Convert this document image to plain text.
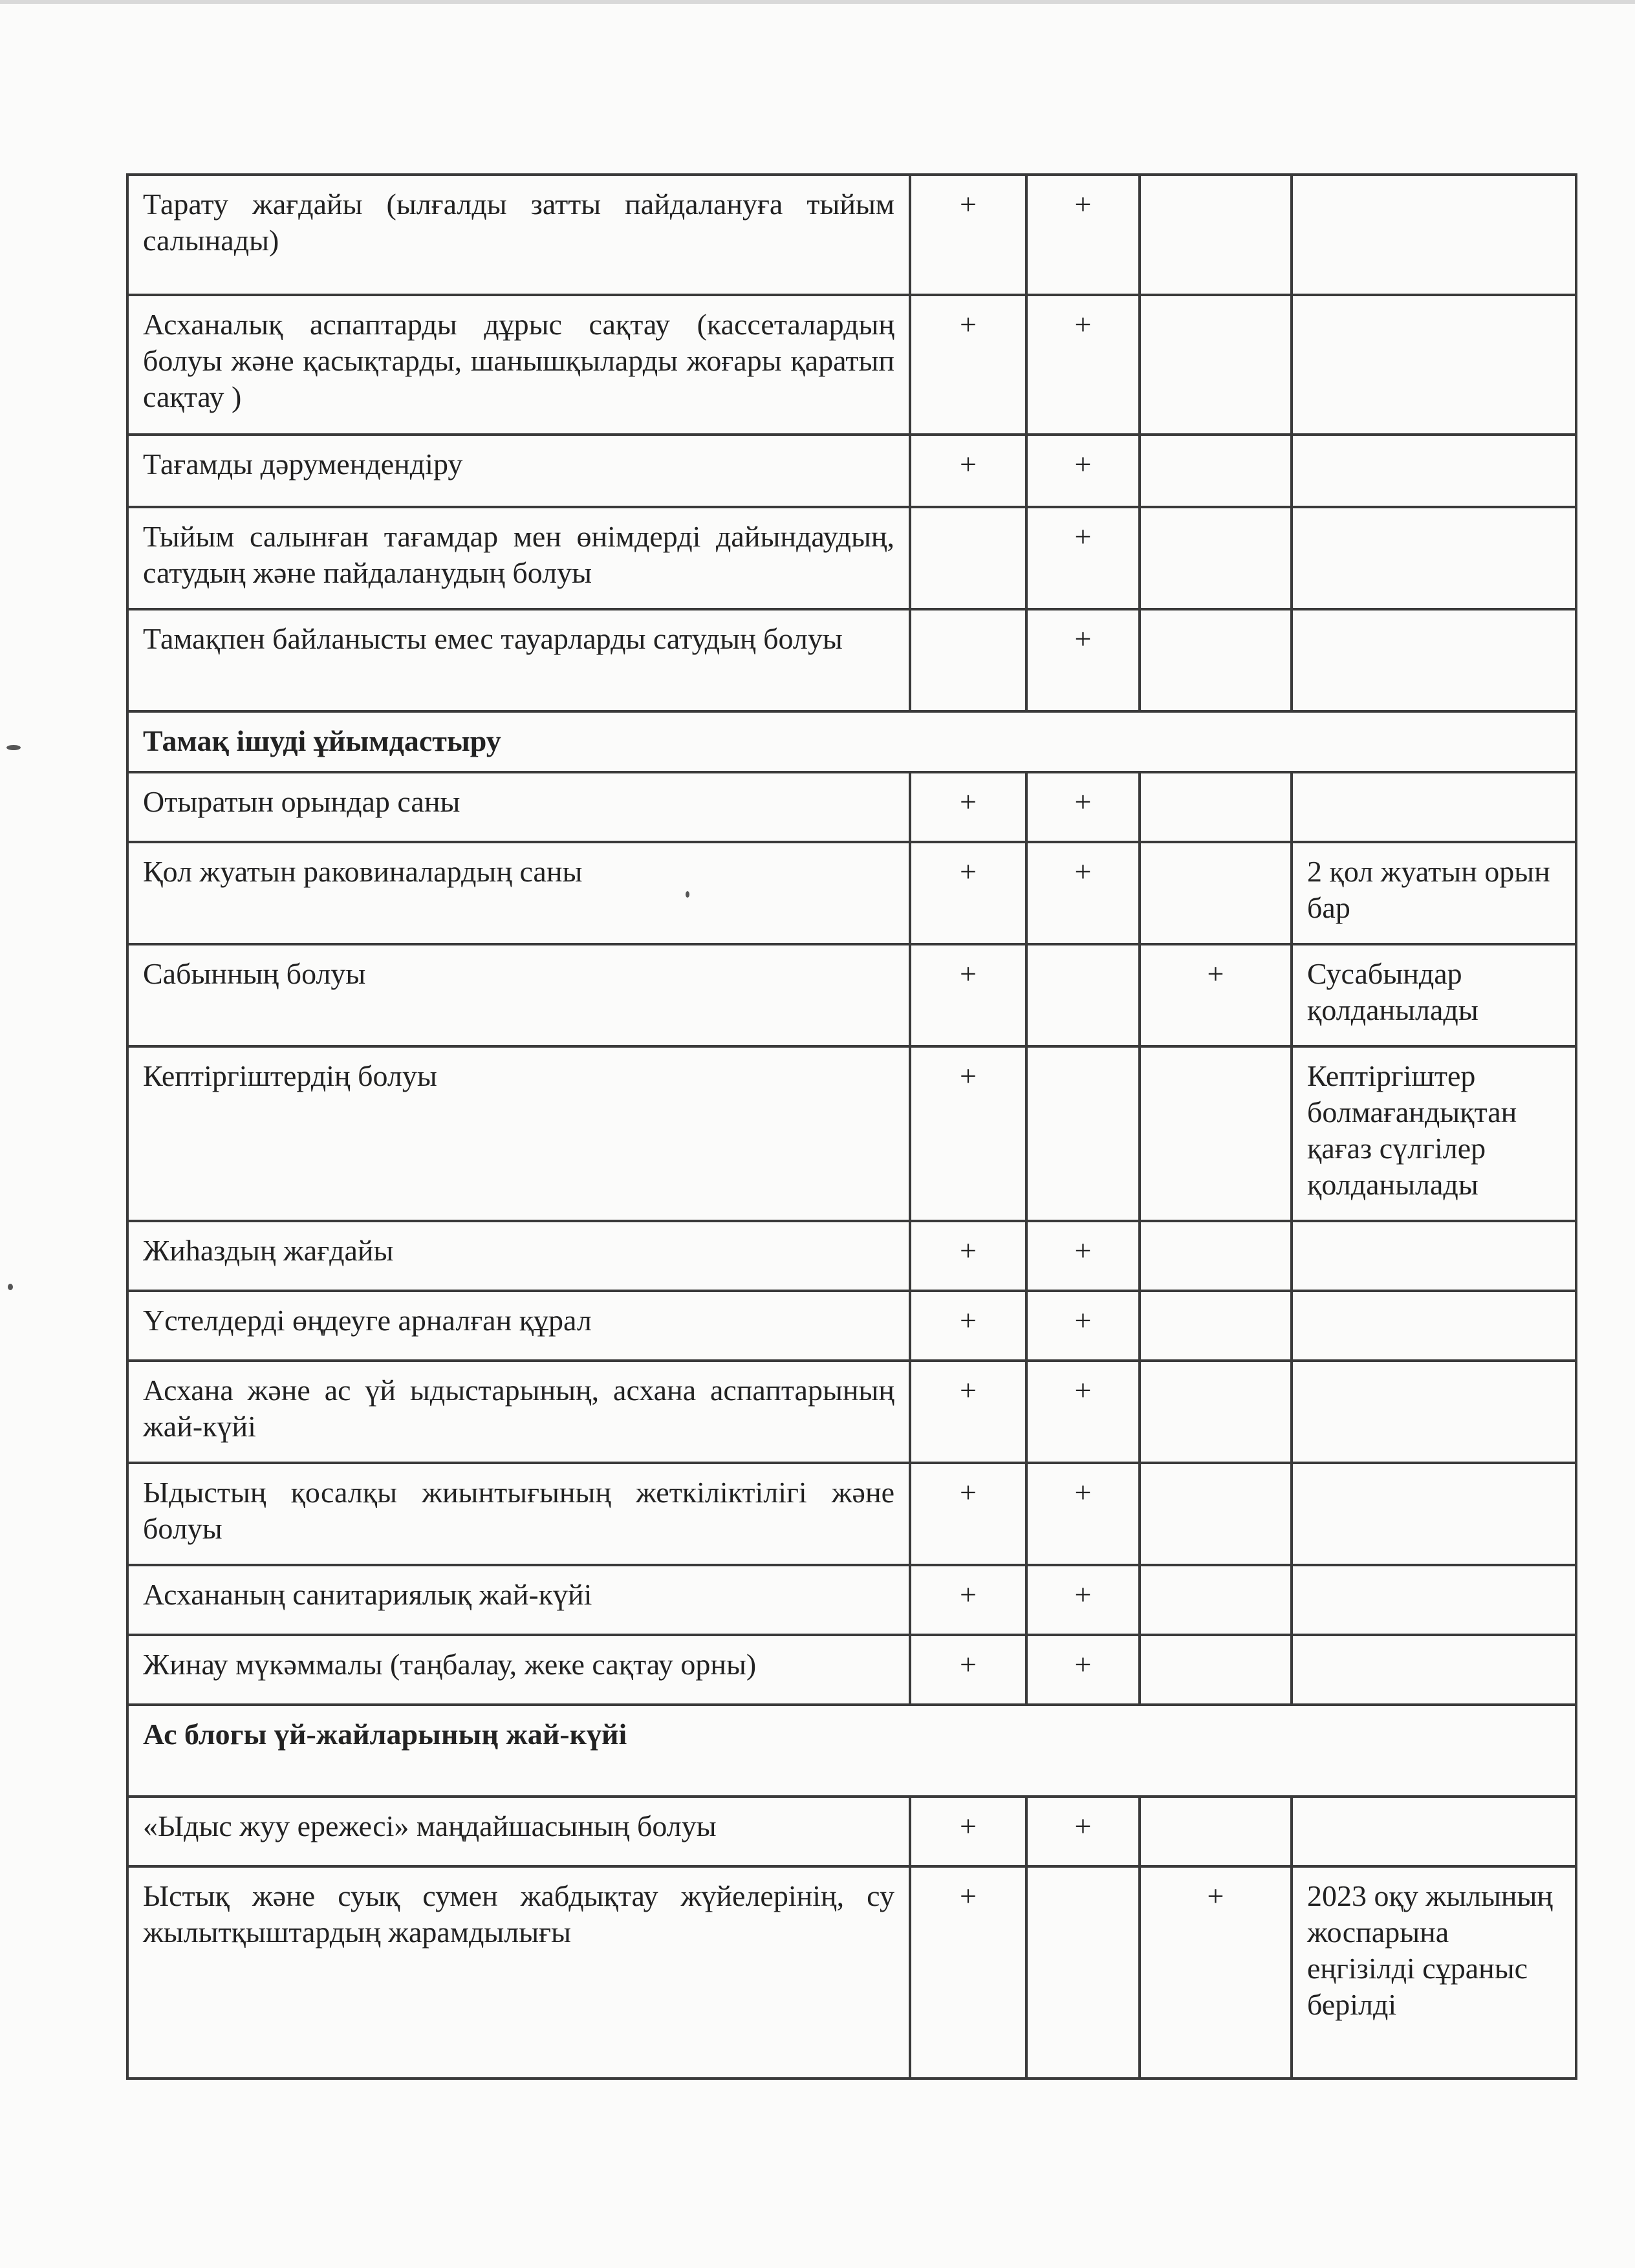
Тарату жағдайы (ылғалды затты пайдалануға тыйым салынады)	+	+		
Асханалық аспаптарды дұрыс сақтау (кассеталардың болуы және қасықтарды, шанышқыларды жоғары қаратып сақтау )	+	+		
Тағамды дәрумендендіру	+	+		
Тыйым салынған тағамдар мен өнімдерді дайындаудың, сатудың және пайдаланудың болуы		+		
Тамақпен байланысты емес тауарларды сатудың болуы		+		
Тамақ ішуді ұйымдастыру				
Отыратын орындар саны	+	+		
Қол жуатын раковиналардың саны	+	+		2 қол жуатын орын бар
Сабынның болуы	+		+	Сусабындар қолданылады
Кептіргіштердің болуы	+			Кептіргіштер болмағандықтан қағаз сүлгілер қолданылады
Жиһаздың жағдайы	+	+		
Үстелдерді өңдеуге арналған құрал	+	+		
Асхана және ас үй ыдыстарының, асхана аспаптарының жай-күйі	+	+		
Ыдыстың қосалқы жиынтығының жеткіліктілігі және болуы	+	+		
Асхананың санитариялық жай-күйі	+	+		
Жинау мүкәммалы (таңбалау, жеке сақтау орны)	+	+		
Ас блогы үй-жайларының жай-күйі				
«Ыдыс жуу ережесі» маңдайшасының болуы	+	+		
Ыстық және суық сумен жабдықтау жүйелерінің, су жылытқыштардың жарамдылығы	+		+	2023 оқу жылының жоспарына еңгізілді сұраныс берілді
